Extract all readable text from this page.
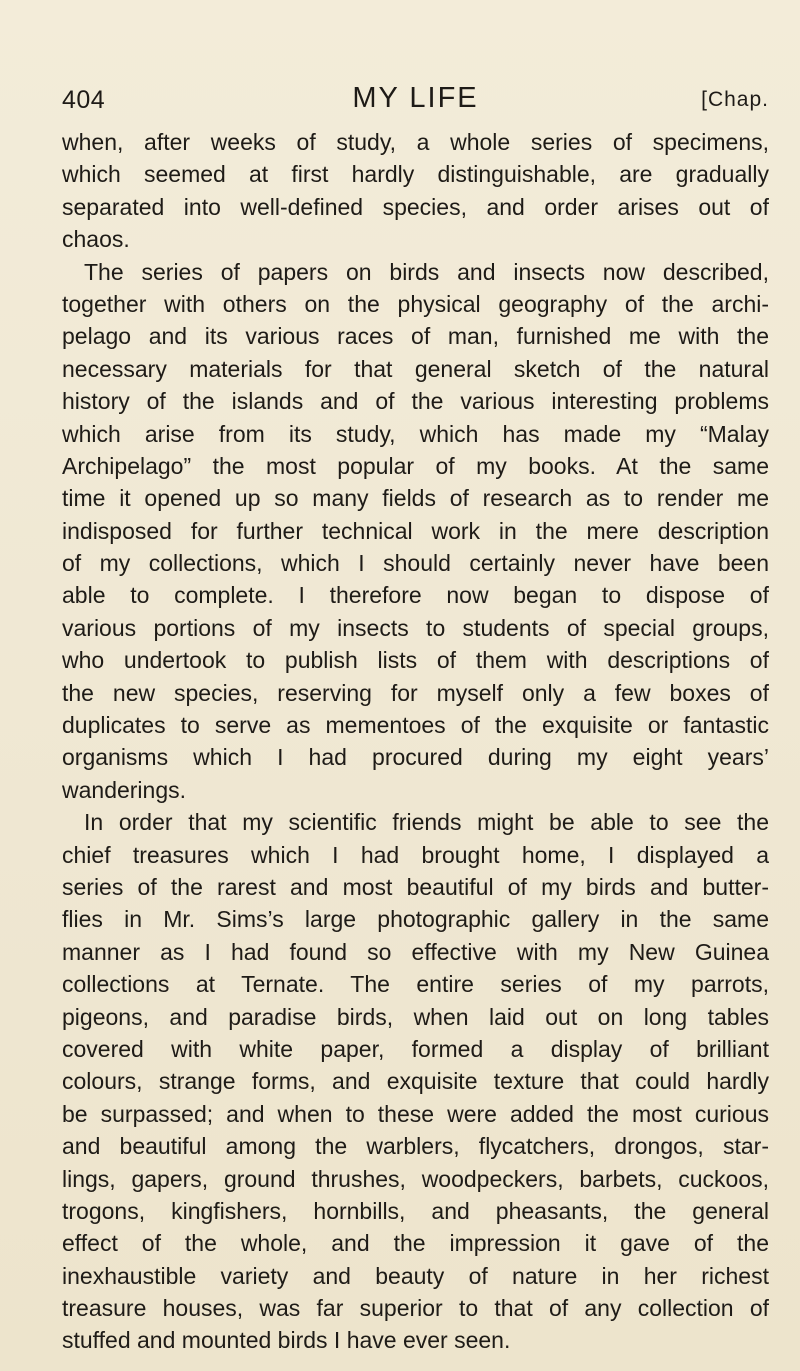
404	MY LIFE	[Chap.
when, after weeks of study, a whole series of specimens,
which seemed at first hardly distinguishable, are gradually
separated into well-defined species, and order arises out of
chaos.
The series of papers on birds and insects now described,
together with others on the physical geography of the archi-
pelago and its various races of man, furnished me with the
necessary materials for that general sketch of the natural
history of the islands and of the various interesting problems
which arise from its study, which has made my “Malay
Archipelago” the most popular of my books. At the same
time it opened up so many fields of research as to render me
indisposed for further technical work in the mere description
of my collections, which I should certainly never have been
able to complete. I therefore now began to dispose of
various portions of my insects to students of special groups,
who undertook to publish lists of them with descriptions of
the new species, reserving for myself only a few boxes of
duplicates to serve as mementoes of the exquisite or fantastic
organisms which I had procured during my eight years’
wanderings.
In order that my scientific friends might be able to see the
chief treasures which I had brought home, I displayed a
series of the rarest and most beautiful of my birds and butter-
flies in Mr. Sims’s large photographic gallery in the same
manner as I had found so effective with my New Guinea
collections at Ternate. The entire series of my parrots,
pigeons, and paradise birds, when laid out on long tables
covered with white paper, formed a display of brilliant
colours, strange forms, and exquisite texture that could hardly
be surpassed; and when to these were added the most curious
and beautiful among the warblers, flycatchers, drongos, star-
lings, gapers, ground thrushes, woodpeckers, barbets, cuckoos,
trogons, kingfishers, hornbills, and pheasants, the general
effect of the whole, and the impression it gave of the
inexhaustible variety and beauty of nature in her richest
treasure houses, was far superior to that of any collection of
stuffed and mounted birds I have ever seen.
